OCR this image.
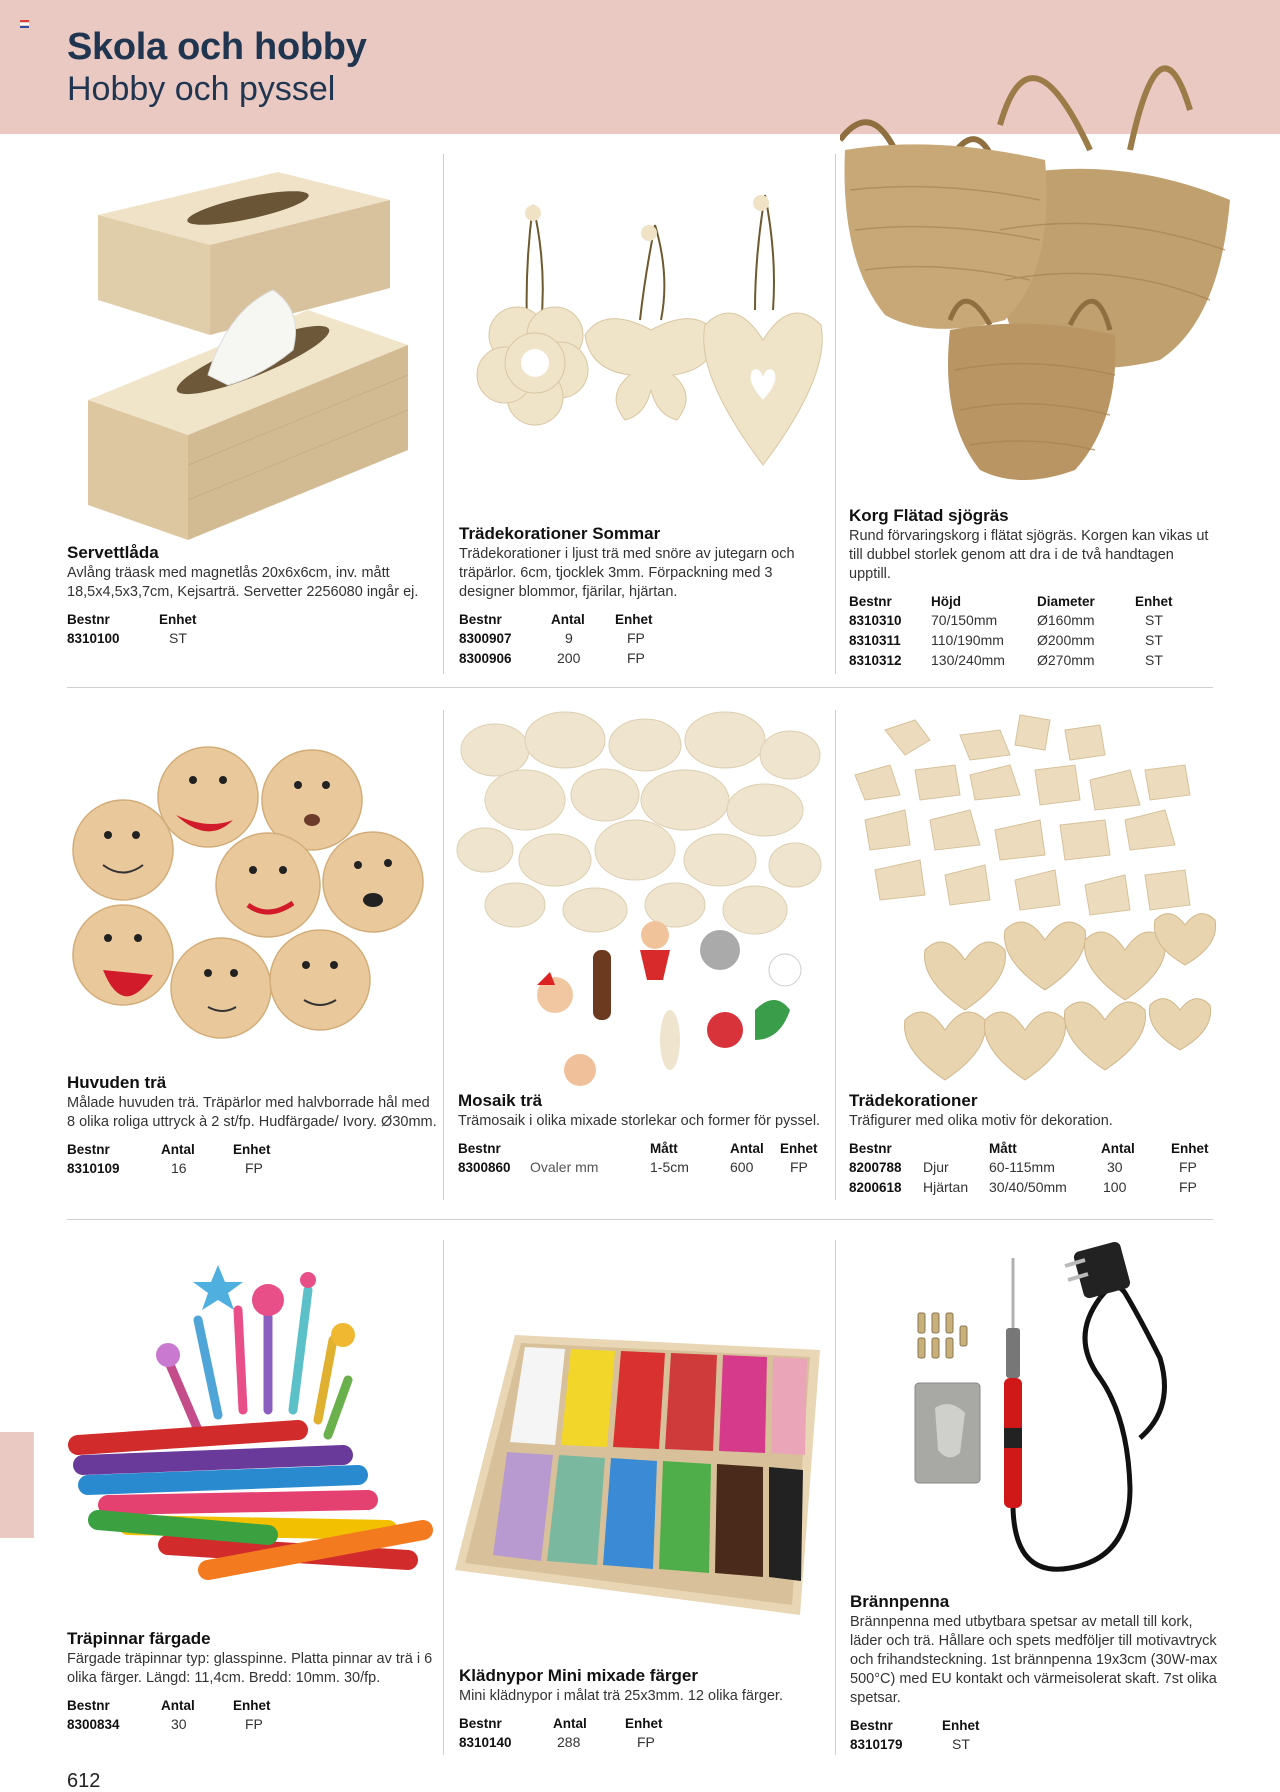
Skola och hobby
Hobby och pyssel
Servettlåda
Avlång träask med magnetlås 20x6x6cm, inv. mått 18,5x4,5x3,7cm, Kejsarträ. Servetter 2256080 ingår ej.
Bestnr	Enhet
8310100	ST
Trädekorationer Sommar
Trädekorationer i ljust trä med snöre av jutegarn och träpärlor. 6cm, tjocklek 3mm. Förpackning med 3 designer blommor, fjärilar, hjärtan.
Bestnr	Antal	Enhet
8300907	9	FP
8300906	200	FP
Korg Flätad sjögräs
Rund förvaringskorg i flätat sjögräs. Korgen kan vikas ut till dubbel storlek genom att dra i de två handtagen upptill.
Bestnr	Höjd	Diameter	Enhet
8310310	70/150mm	Ø160mm	ST
8310311	110/190mm	Ø200mm	ST
8310312	130/240mm	Ø270mm	ST
Huvuden trä
Målade huvuden trä. Träpärlor med halvborrade hål med 8 olika roliga uttryck à 2 st/fp. Hudfärgade/ Ivory. Ø30mm.
Bestnr	Antal	Enhet
8310109	16	FP
Mosaik trä
Trämosaik i olika mixade storlekar och former för pyssel.
Bestnr		Mått	Antal	Enhet
8300860	Ovaler mm	1-5cm	600	FP
Trädekorationer
Träfigurer med olika motiv för dekoration.
Bestnr		Mått	Antal	Enhet
8200788	Djur	60-115mm	30	FP
8200618	Hjärtan	30/40/50mm	100	FP
Träpinnar färgade
Färgade träpinnar typ: glasspinne. Platta pinnar av trä i 6 olika färger. Längd: 11,4cm. Bredd: 10mm. 30/fp.
Bestnr	Antal	Enhet
8300834	30	FP
Klädnypor Mini mixade färger
Mini klädnypor i målat trä 25x3mm. 12 olika färger.
Bestnr	Antal	Enhet
8310140	288	FP
Brännpenna
Brännpenna med utbytbara spetsar av metall till kork, läder och trä. Hållare och spets medföljer till motivavtryck och frihandsteckning. 1st brännpenna 19x3cm (30W-max 500°C) med EU kontakt och värmeisolerat skaft. 7st olika spetsar.
Bestnr	Enhet
8310179	ST
612
